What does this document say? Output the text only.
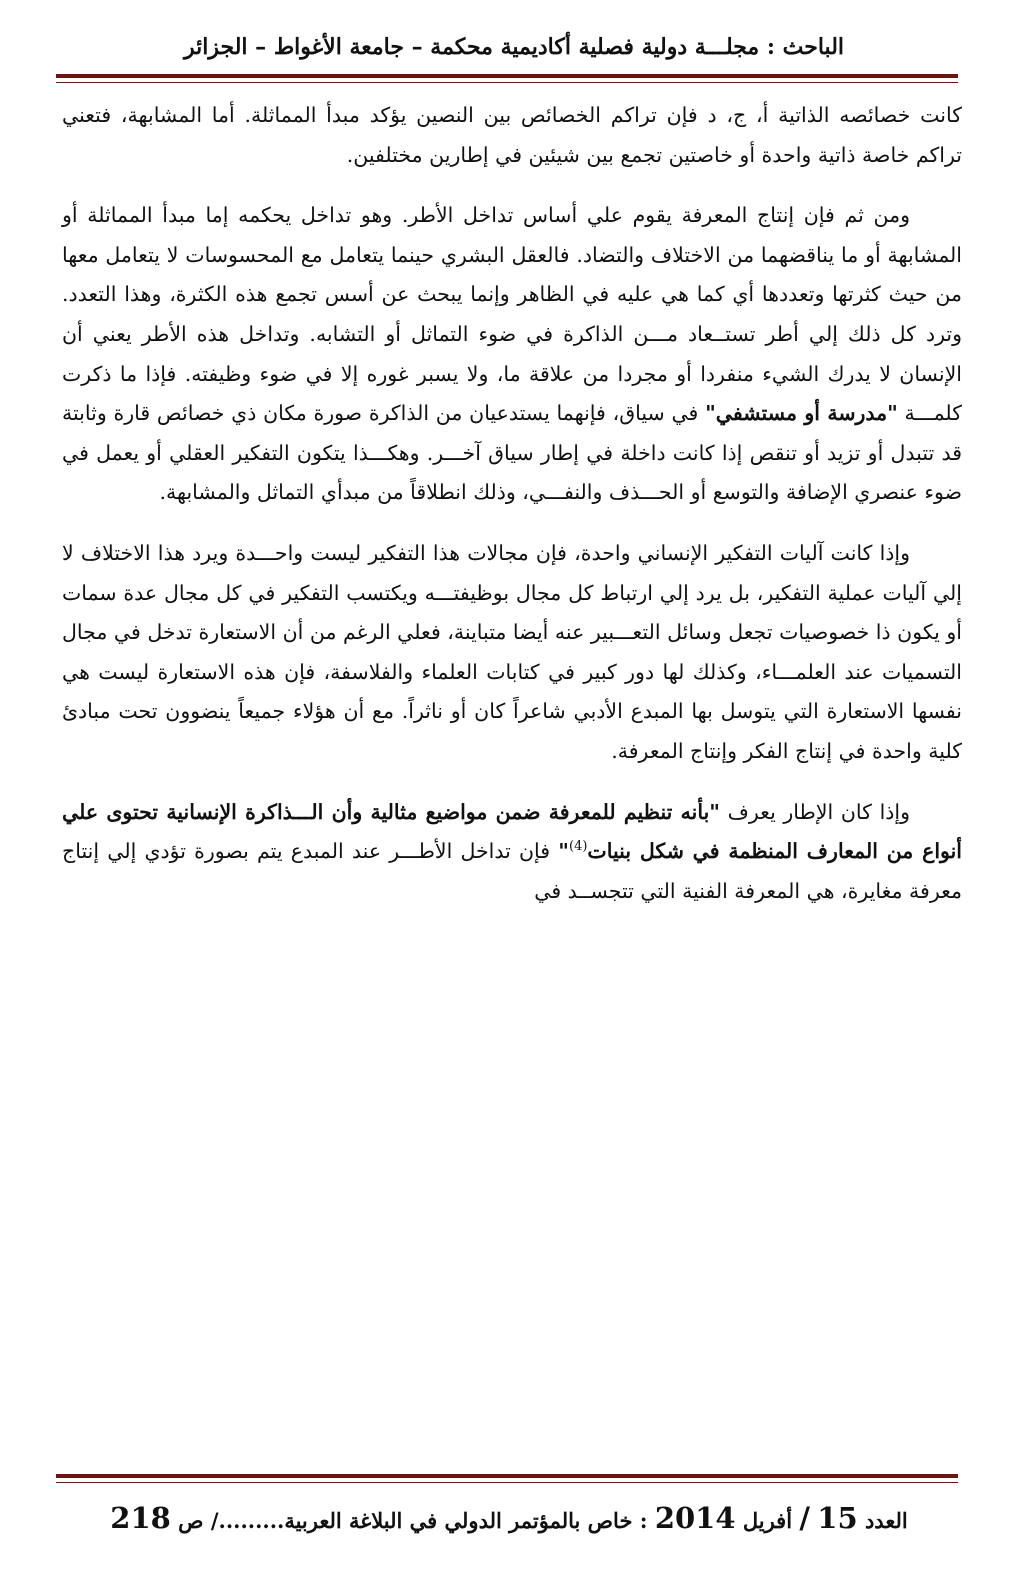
الباحث : مجلـــة دولية فصلية أكاديمية محكمة – جامعة الأغواط – الجزائر

كانت خصائصه الذاتية أ، ج، د فإن تراكم الخصائص بين النصين يؤكد مبدأ المماثلة. أما المشابهة، فتعني تراكم خاصة ذاتية واحدة أو خاصتين تجمع بين شيئين في إطارين مختلفين.

ومن ثم فإن إنتاج المعرفة يقوم علي أساس تداخل الأطر. وهو تداخل يحكمه إما مبدأ المماثلة أو المشابهة أو ما يناقضهما من الاختلاف والتضاد. فالعقل البشري حينما يتعامل مع المحسوسات لا يتعامل معها من حيث كثرتها وتعددها أي كما هي عليه في الظاهر وإنما يبحث عن أسس تجمع هذه الكثرة، وهذا التعدد. وترد كل ذلك إلي أطر تستــعاد مـــن الذاكرة في ضوء التماثل أو التشابه. وتداخل هذه الأطر يعني أن الإنسان لا يدرك الشيء منفردا أو مجردا من علاقة ما، ولا يسبر غوره إلا في ضوء وظيفته. فإذا ما ذكرت كلمـــة "مدرسة أو مستشفي" في سياق، فإنهما يستدعيان من الذاكرة صورة مكان ذي خصائص قارة وثابتة قد تتبدل أو تزيد أو تنقص إذا كانت داخلة في إطار سياق آخـــر. وهكـــذا يتكون التفكير العقلي أو يعمل في ضوء عنصري الإضافة والتوسع أو الحـــذف والنفـــي، وذلك انطلاقاً من مبدأي التماثل والمشابهة.

وإذا كانت آليات التفكير الإنساني واحدة، فإن مجالات هذا التفكير ليست واحـــدة ويرد هذا الاختلاف لا إلي آليات عملية التفكير، بل يرد إلي ارتباط كل مجال بوظيفتـــه ويكتسب التفكير في كل مجال عدة سمات أو يكون ذا خصوصيات تجعل وسائل التعـــبير عنه أيضا متباينة، فعلي الرغم من أن الاستعارة تدخل في مجال التسميات عند العلمـــاء، وكذلك لها دور كبير في كتابات العلماء والفلاسفة، فإن هذه الاستعارة ليست هي نفسها الاستعارة التي يتوسل بها المبدع الأدبي شاعراً كان أو ناثراً. مع أن هؤلاء جميعاً ينضوون تحت مبادئ كلية واحدة في إنتاج الفكر وإنتاج المعرفة.

وإذا كان الإطار يعرف "بأنه تنظيم للمعرفة ضمن مواضيع مثالية وأن الـــذاكرة الإنسانية تحتوى علي أنواع من المعارف المنظمة في شكل بنيات$^{(4)}$" فإن تداخل الأطـــر عند المبدع يتم بصورة تؤدي إلي إنتاج معرفة مغايرة، هي المعرفة الفنية التي تتجســد في

العدد 15 / أفريل 2014 : خاص بالمؤتمر الدولي في البلاغة العربية........./ ص 218
